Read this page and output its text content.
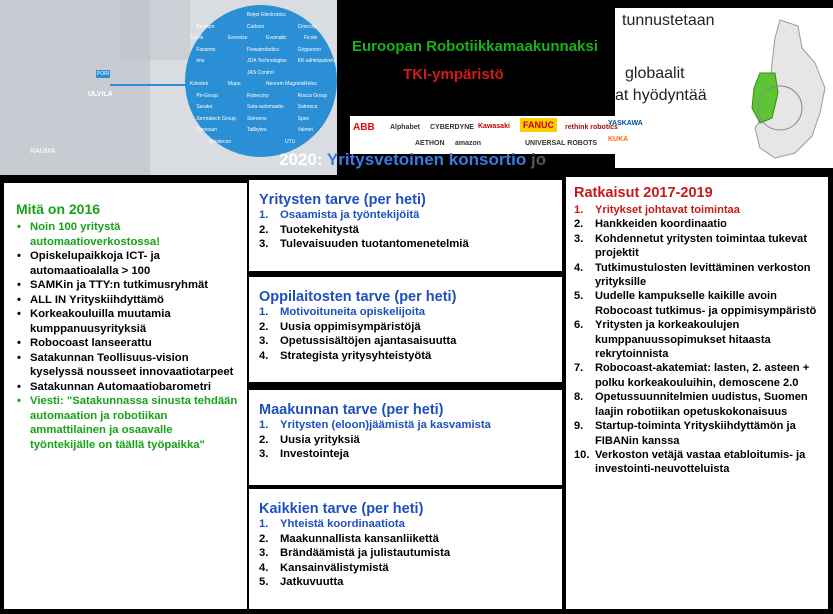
PORI
ULVILA
RAUMA
Beijer Electronics
Bestium	Carlson	Cimcorp
Comb	Enersize	Evomatic	Ficolo
Fastems	Fiswatrobotics	Gripperino
Ims	JDA Technologies KK-sähköpalvelu
JAS Control
Kokotek	Mapo	Neorem Magnets Relos
Pir-Group	Robecorp	Rocca Group
Saraka	Sata-automaatio	Satmeca
Sermatech Group Siemens	Spse
Swoosan	Tailbytes	Valmet
Westecon	UTU
Euroopan Robotiikkamaakunnaksi
TKI-ympäristö
tunnustetaan
globaalit
at hyödyntää
ABB Alphabet CYBERDYNE Kawasaki	FANUC	rethink robotics
YASKAWA
KUKA
AETHON amazon	UNIVERSAL ROBOTS
2020: Yritysvetoinen konsortio jo
Mitä on 2016
• Noin 100 yritystä automaatioverkostossa!
• Opiskelupaikkoja ICT- ja automaatioalalla > 100
• SAMKin ja TTY:n tutkimusryhmät
• ALL IN Yrityskiihdyttämö
• Korkeakouluilla muutamia kumppanuusyrityksiä
• Robocoast lanseerattu
• Satakunnan Teollisuus-vision kyselyssä nousseet innovaatiotarpeet
• Satakunnan Automaatiobarometri
• Viesti: "Satakunnassa sinusta tehdään automaation ja robotiikan ammattilainen ja osaavalle työntekijälle on täällä työpaikka"
Yritysten tarve (per heti)
1. Osaamista ja työntekijöitä
2. Tuotekehitystä
3. Tulevaisuuden tuotantomenetelmiä
Oppilaitosten tarve (per heti)
1. Motivoituneita opiskelijoita
2. Uusia oppimisympäristöjä
3. Opetussisältöjen ajantasaisuutta
4. Strategista yritysyhteistyötä
Maakunnan tarve (per heti)
1. Yritysten (eloon)jäämistä ja kasvamista
2. Uusia yrityksiä
3. Investointeja
Kaikkien tarve (per heti)
1. Yhteistä koordinaatiota
2. Maakunnallista kansanliikettä
3. Brändäämistä ja julistautumista
4. Kansainvälistymistä
5. Jatkuvuutta
Ratkaisut 2017-2019
1. Yritykset johtavat toimintaa
2. Hankkeiden koordinaatio
3. Kohdennetut yritysten toimintaa tukevat projektit
4. Tutkimustulosten levittäminen verkoston yrityksille
5. Uudelle kampukselle kaikille avoin Robocoast tutkimus- ja oppimisympäristö
6. Yritysten ja korkeakoulujen kumppanuussopimukset hitaasta rekrytoinnista
7. Robocoast-akatemiat: lasten, 2. asteen + polku korkeakouluihin, demoscene 2.0
8. Opetussuunnitelmien uudistus, Suomen laajin robotiikan opetuskokonaisuus
9. Startup-toiminta Yrityskiihdyttämön ja FIBANin kanssa
10. Verkoston vetäjä vastaa etabloitumis- ja investointi-neuvotteluista
